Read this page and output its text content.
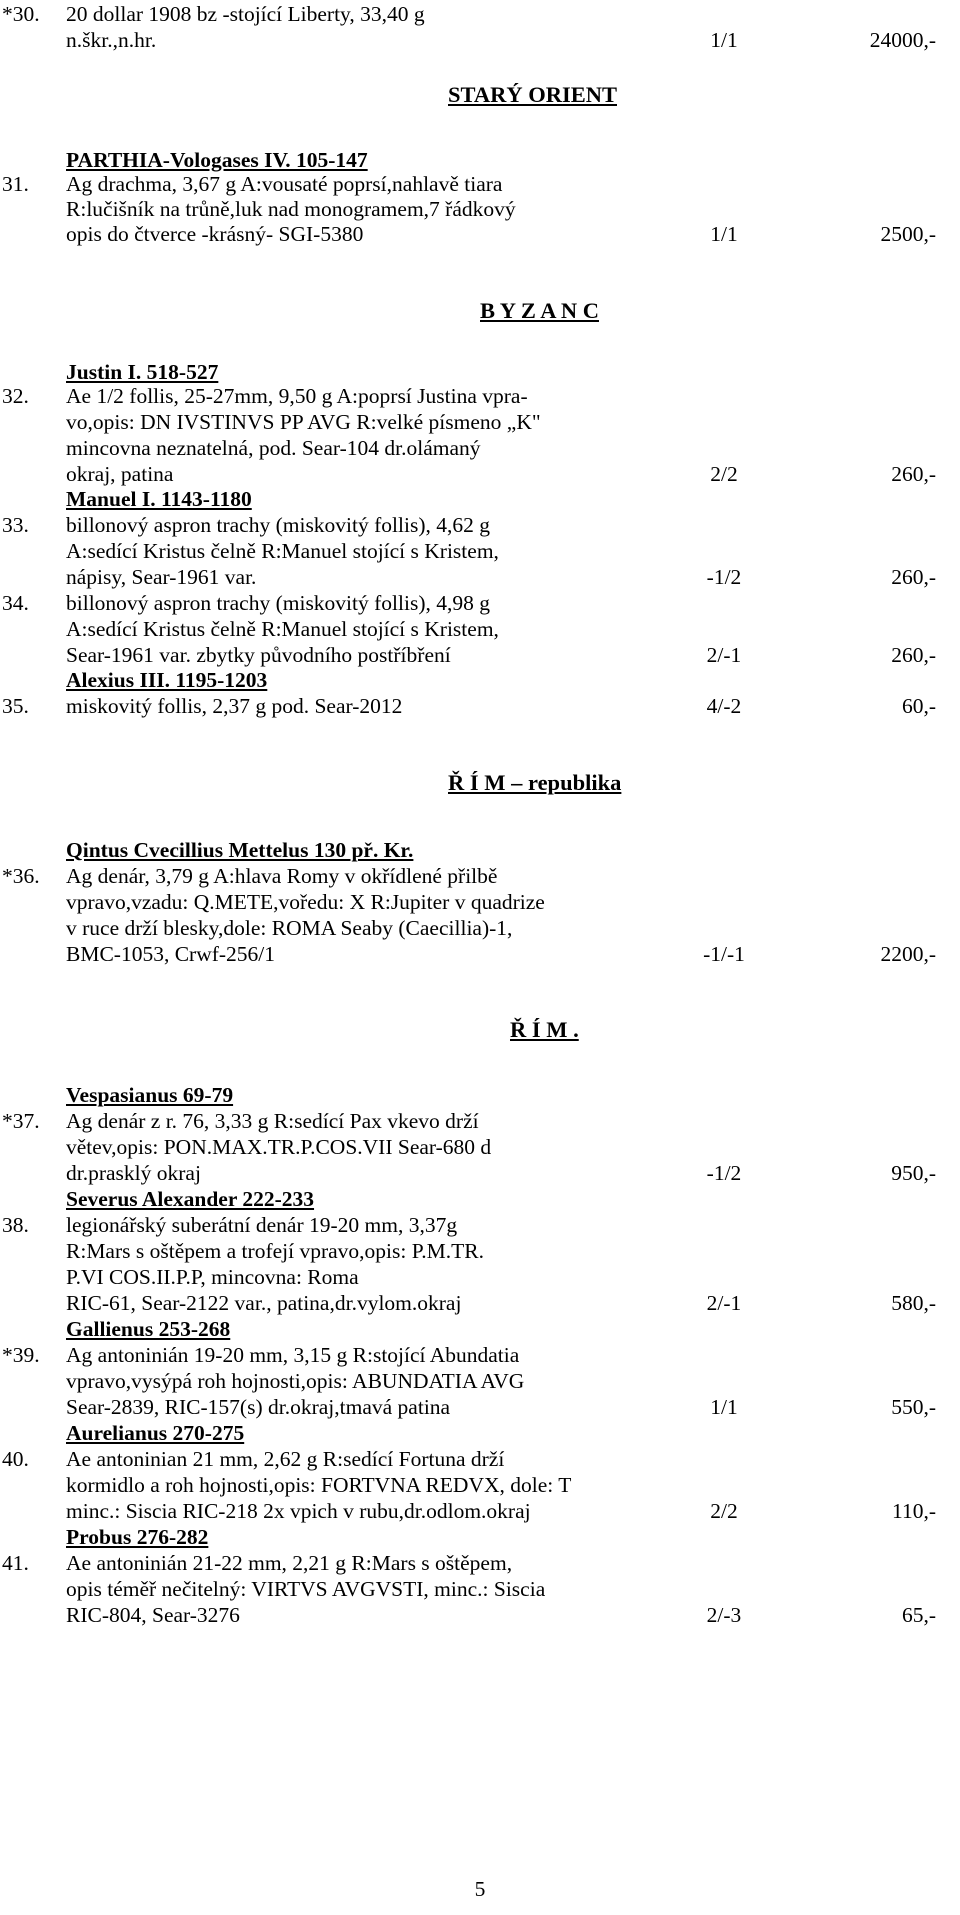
*30. 20 dollar 1908 bz -stojící Liberty, 33,40 g
n.škr.,n.hr.	1/1	24000,-
STARÝ ORIENT
PARTHIA-Vologases IV. 105-147
31. Ag drachma, 3,67 g A:vousaté poprsí,nahlavě tiara
R:lučišník na trůně,luk nad monogramem,7 řádkový
opis do čtverce -krásný- SGI-5380	1/1	2500,-
B Y Z A N C
Justin I. 518-527
32. Ae 1/2 follis, 25-27mm, 9,50 g A:poprsí Justina vpra-
vo,opis: DN IVSTINVS PP AVG R:velké písmeno „K"
mincovna neznatelná, pod. Sear-104 dr.olámaný
okraj, patina	2/2	260,-
Manuel I. 1143-1180
33. billonový aspron trachy (miskovitý follis), 4,62 g
A:sedící Kristus čelně R:Manuel stojící s Kristem,
nápisy, Sear-1961 var.	-1/2	260,-
34. billonový aspron trachy (miskovitý follis), 4,98 g
A:sedící Kristus čelně R:Manuel stojící s Kristem,
Sear-1961 var. zbytky původního postříbření	2/-1	260,-
Alexius III. 1195-1203
35. miskovitý follis, 2,37 g pod. Sear-2012	4/-2	60,-
Ř Í M – republika
Qintus Cvecillius Mettelus 130 př. Kr.
*36. Ag denár, 3,79 g A:hlava Romy v okřídlené přilbě
vpravo,vzadu: Q.METE,voředu: X R:Jupiter v quadrize
v ruce drží blesky,dole: ROMA Seaby (Caecillia)-1,
BMC-1053, Crwf-256/1	-1/-1	2200,-
Ř Í M .
Vespasianus 69-79
*37. Ag denár z r. 76, 3,33 g R:sedící Pax vkevo drží
větev,opis: PON.MAX.TR.P.COS.VII Sear-680 d
dr.prasklý okraj	-1/2	950,-
Severus Alexander 222-233
38. legionářský suberátní denár 19-20 mm, 3,37g
R:Mars s oštěpem a trofejí vpravo,opis: P.M.TR.
P.VI COS.II.P.P, mincovna: Roma
RIC-61, Sear-2122 var., patina,dr.vylom.okraj	2/-1	580,-
Gallienus 253-268
*39. Ag antoninián 19-20 mm, 3,15 g R:stojící Abundatia
vpravo,vysýpá roh hojnosti,opis: ABUNDATIA AVG
Sear-2839, RIC-157(s) dr.okraj,tmavá patina	1/1	550,-
Aurelianus 270-275
40. Ae antoninian 21 mm, 2,62 g R:sedící Fortuna drží
kormidlo a roh hojnosti,opis: FORTVNA REDVX, dole: T
minc.: Siscia RIC-218 2x vpich v rubu,dr.odlom.okraj	2/2	110,-
Probus 276-282
41. Ae antoninián 21-22 mm, 2,21 g R:Mars s oštěpem,
opis téměř nečitelný: VIRTVS AVGVSTI, minc.: Siscia
RIC-804, Sear-3276	2/-3	65,-
5
